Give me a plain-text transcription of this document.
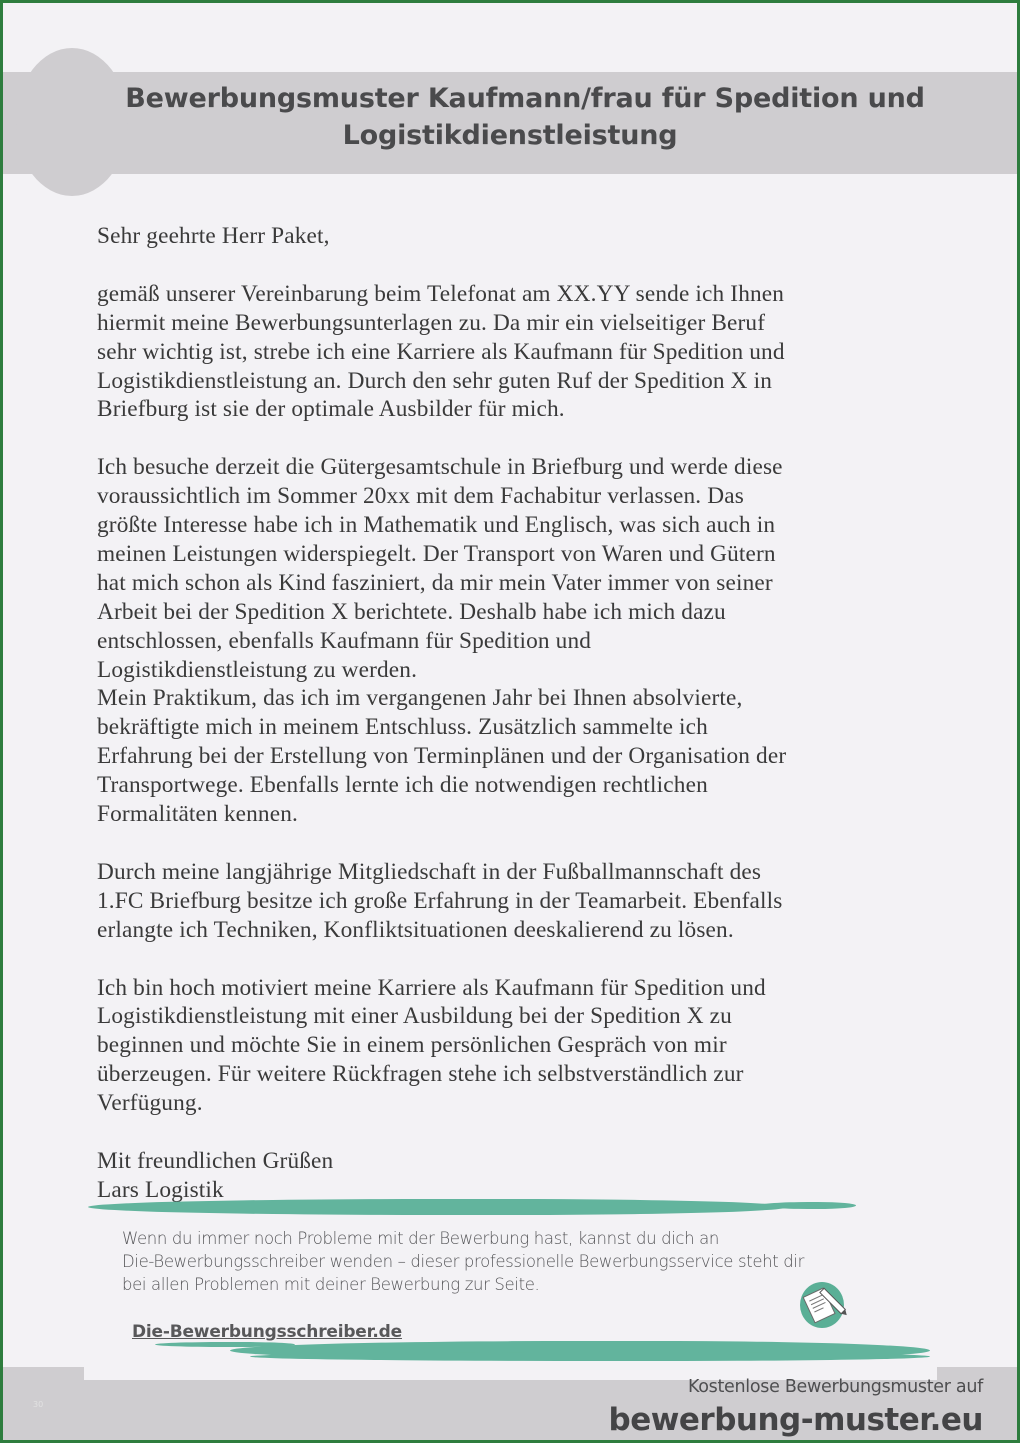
Bewerbungsmuster Kaufmann/frau für Spedition und
Logistikdienstleistung

Sehr geehrte Herr Paket,

gemäß unserer Vereinbarung beim Telefonat am XX.YY sende ich Ihnen

hiermit meine Bewerbungsunterlagen zu. Da mir ein vielseitiger Beruf

sehr wichtig ist, strebe ich eine Karriere als Kaufmann für Spedition und

Logistikdienstleistung an. Durch den sehr guten Ruf der Spedition X in

Briefburg ist sie der optimale Ausbilder für mich.

Ich besuche derzeit die Gütergesamtschule in Briefburg und werde diese

voraussichtlich im Sommer 20xx mit dem Fachabitur verlassen. Das

größte Interesse habe ich in Mathematik und Englisch, was sich auch in

meinen Leistungen widerspiegelt. Der Transport von Waren und Gütern

hat mich schon als Kind fasziniert, da mir mein Vater immer von seiner

Arbeit bei der Spedition X berichtete. Deshalb habe ich mich dazu

entschlossen, ebenfalls Kaufmann für Spedition und

Logistikdienstleistung zu werden.

Mein Praktikum, das ich im vergangenen Jahr bei Ihnen absolvierte,

bekräftigte mich in meinem Entschluss. Zusätzlich sammelte ich

Erfahrung bei der Erstellung von Terminplänen und der Organisation der

Transportwege. Ebenfalls lernte ich die notwendigen rechtlichen

Formalitäten kennen.

Durch meine langjährige Mitgliedschaft in der Fußballmannschaft des

1.FC Briefburg besitze ich große Erfahrung in der Teamarbeit. Ebenfalls

erlangte ich Techniken, Konfliktsituationen deeskalierend zu lösen.

Ich bin hoch motiviert meine Karriere als Kaufmann für Spedition und

Logistikdienstleistung mit einer Ausbildung bei der Spedition X zu

beginnen und möchte Sie in einem persönlichen Gespräch von mir

überzeugen. Für weitere Rückfragen stehe ich selbstverständlich zur

Verfügung.

Mit freundlichen Grüßen

Lars Logistik

Wenn du immer noch Probleme mit der Bewerbung hast, kannst du dich an

Die-Bewerbungsschreiber wenden – dieser professionelle Bewerbungsservice steht dir

bei allen Problemen mit deiner Bewerbung zur Seite.

Die-Bewerbungsschreiber.de
30
Kostenlose Bewerbungsmuster auf
bewerbung-muster.eu
